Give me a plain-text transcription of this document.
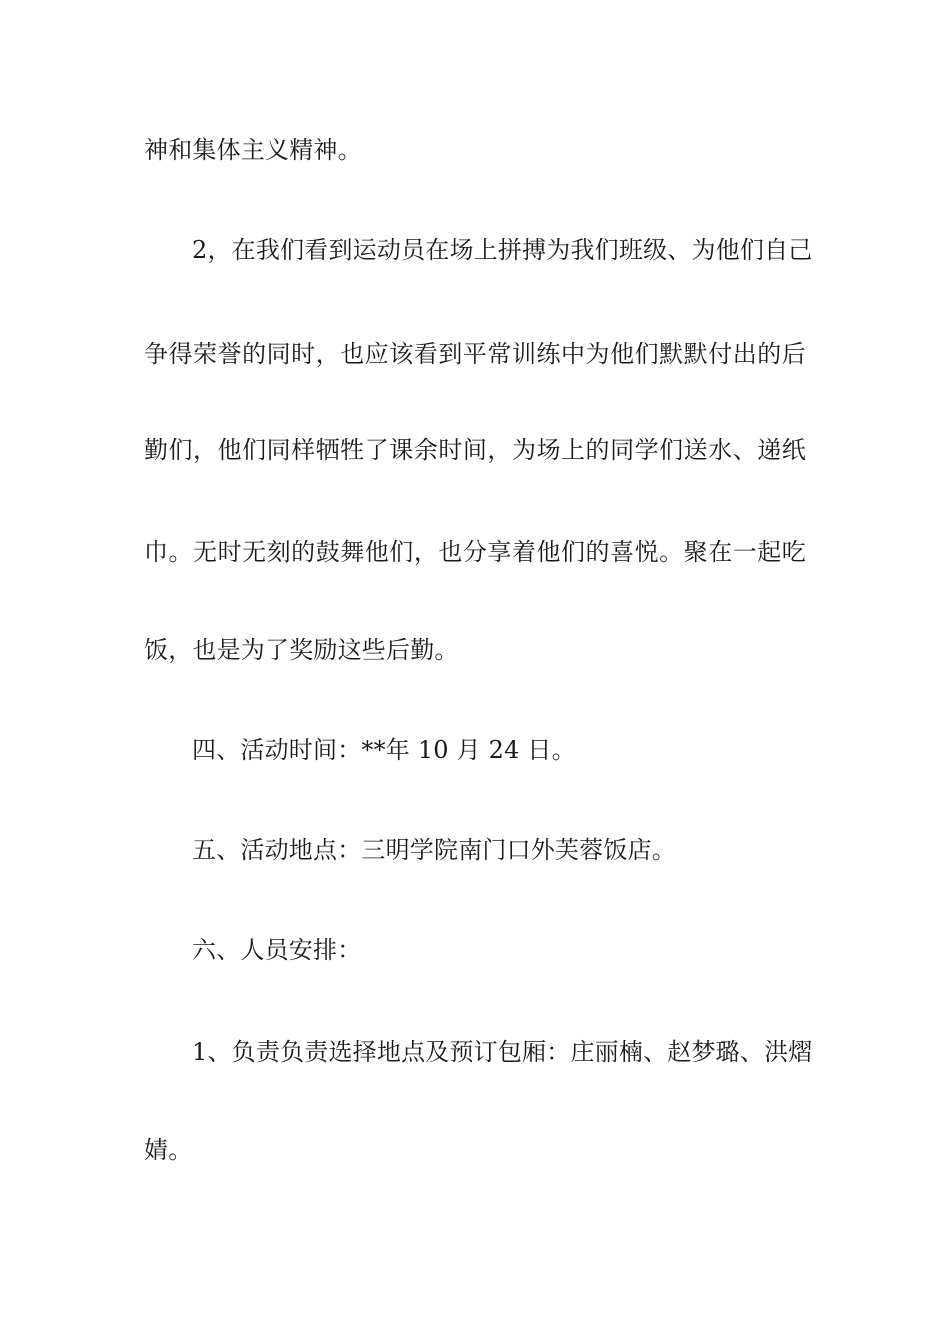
神和集体主义精神。
2，在我们看到运动员在场上拼搏为我们班级、为他们自己
争得荣誉的同时，也应该看到平常训练中为他们默默付出的后
勤们，他们同样牺牲了课余时间，为场上的同学们送水、递纸
巾。无时无刻的鼓舞他们，也分享着他们的喜悦。聚在一起吃
饭，也是为了奖励这些后勤。
四、活动时间：**年 10 月 24 日。
五、活动地点：三明学院南门口外芙蓉饭店。
六、人员安排：
1、负责负责选择地点及预订包厢：庄丽楠、赵梦璐、洪熠
婧。
